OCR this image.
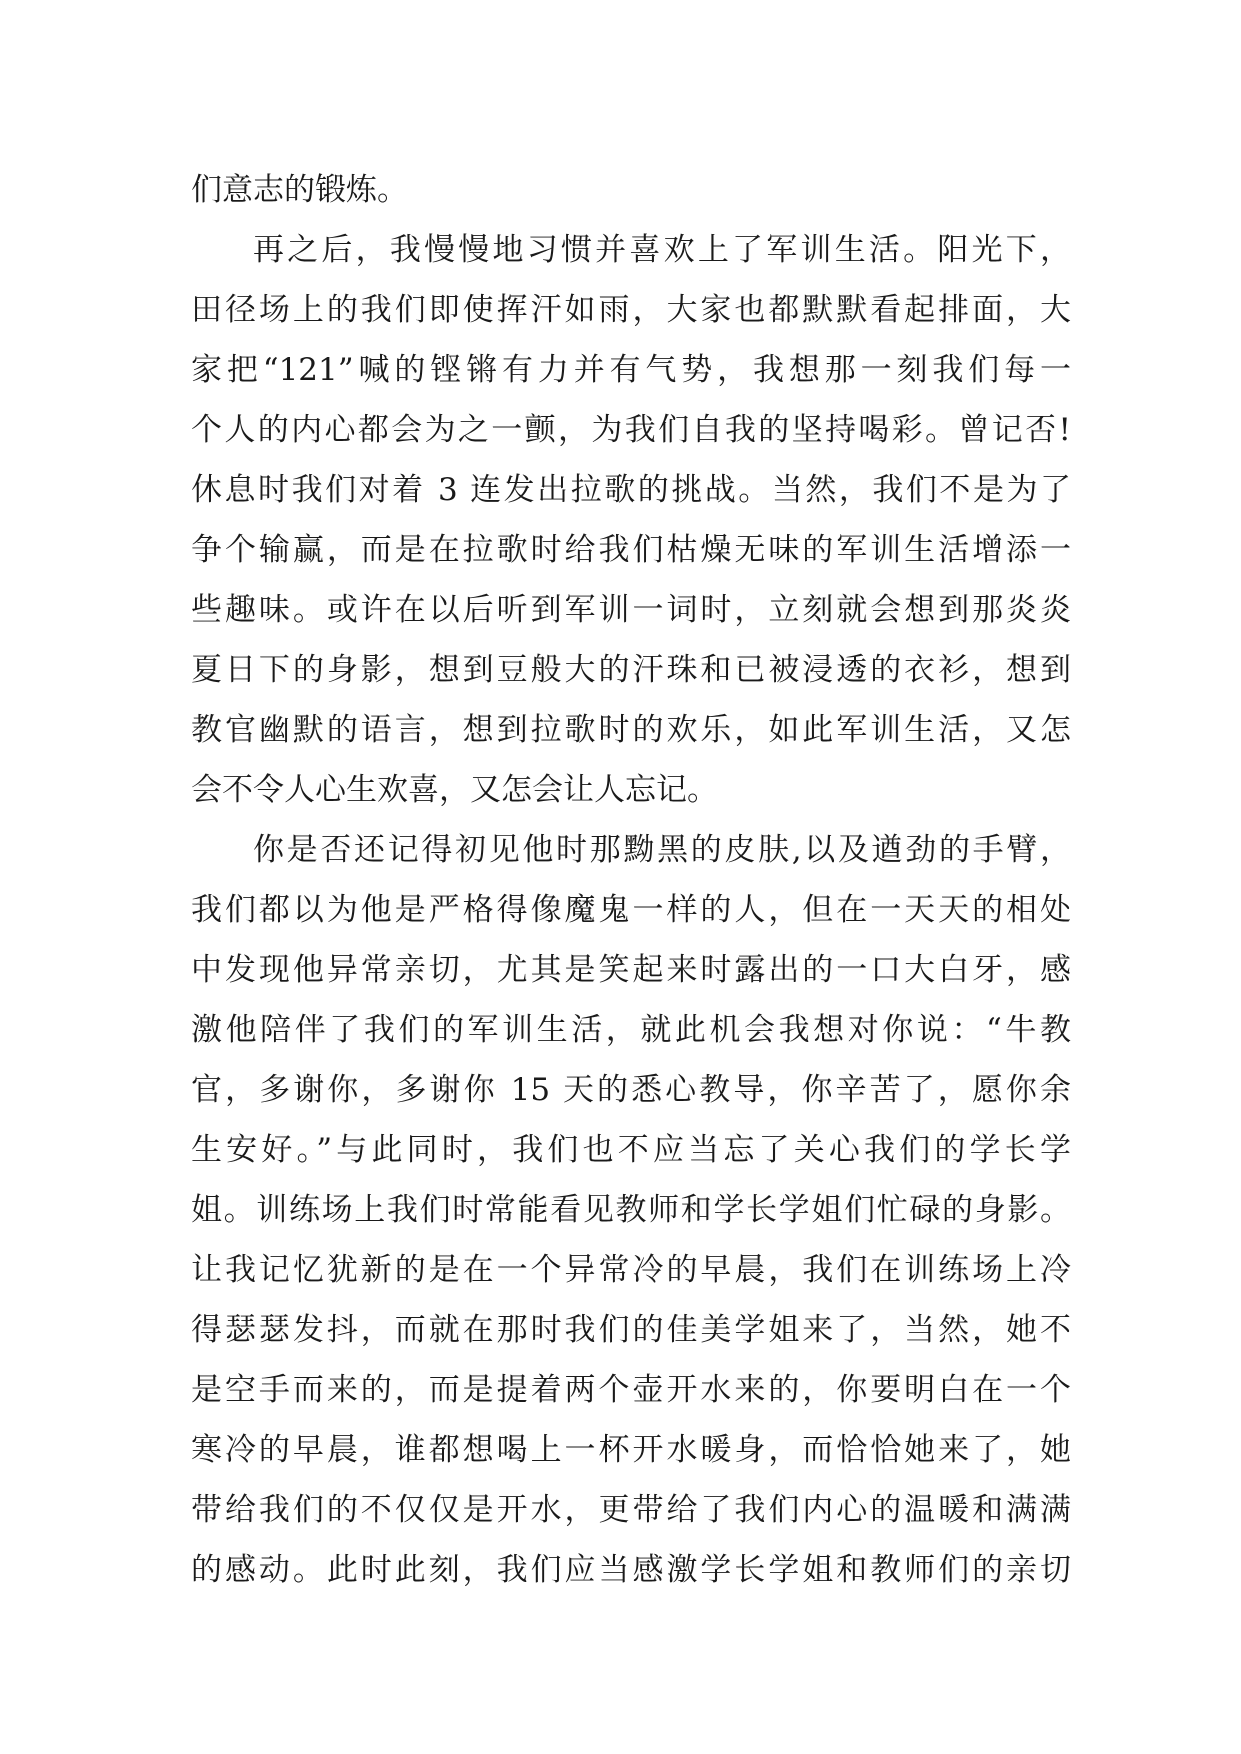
们意志的锻炼。
再之后，我慢慢地习惯并喜欢上了军训生活。阳光下，
田径场上的我们即使挥汗如雨，大家也都默默看起排面，大
家把“121”喊的铿锵有力并有气势，我想那一刻我们每一
个人的内心都会为之一颤，为我们自我的坚持喝彩。曾记否!
休息时我们对着 3 连发出拉歌的挑战。当然，我们不是为了
争个输赢，而是在拉歌时给我们枯燥无味的军训生活增添一
些趣味。或许在以后听到军训一词时，立刻就会想到那炎炎
夏日下的身影，想到豆般大的汗珠和已被浸透的衣衫，想到
教官幽默的语言，想到拉歌时的欢乐，如此军训生活，又怎
会不令人心生欢喜，又怎会让人忘记。
你是否还记得初见他时那黝黑的皮肤,以及遒劲的手臂，
我们都以为他是严格得像魔鬼一样的人，但在一天天的相处
中发现他异常亲切，尤其是笑起来时露出的一口大白牙，感
激他陪伴了我们的军训生活，就此机会我想对你说：“牛教
官，多谢你，多谢你 15 天的悉心教导，你辛苦了，愿你余
生安好。”与此同时，我们也不应当忘了关心我们的学长学
姐。训练场上我们时常能看见教师和学长学姐们忙碌的身影。
让我记忆犹新的是在一个异常冷的早晨，我们在训练场上冷
得瑟瑟发抖，而就在那时我们的佳美学姐来了，当然，她不
是空手而来的，而是提着两个壶开水来的，你要明白在一个
寒冷的早晨，谁都想喝上一杯开水暖身，而恰恰她来了，她
带给我们的不仅仅是开水，更带给了我们内心的温暖和满满
的感动。此时此刻，我们应当感激学长学姐和教师们的亲切
